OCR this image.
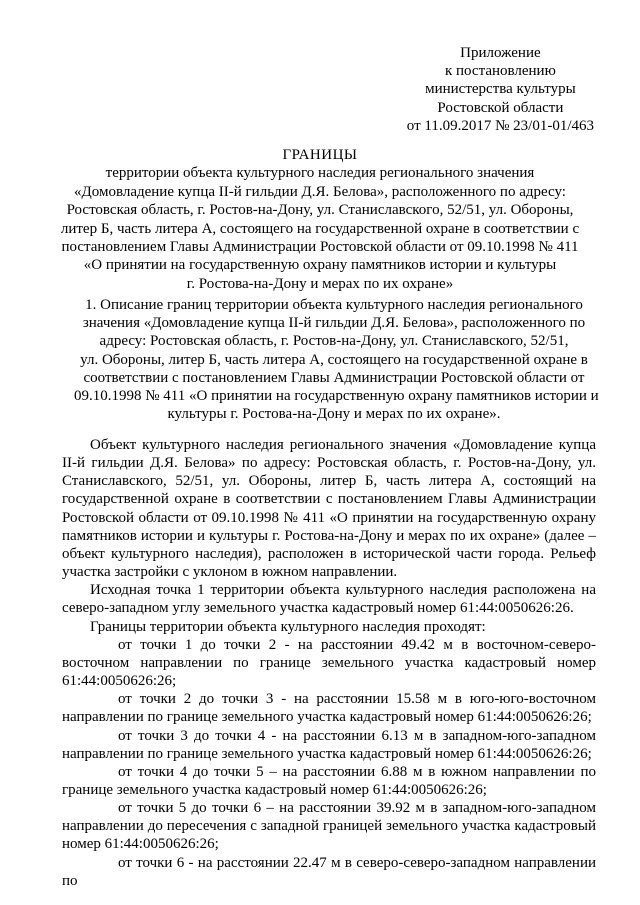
Приложение
к постановлению
министерства культуры
Ростовской области
от 11.09.2017 № 23/01-01/463
ГРАНИЦЫ
территории объекта культурного наследия регионального значения
«Домовладение купца II-й гильдии Д.Я. Белова», расположенного по адресу:
Ростовская область, г. Ростов-на-Дону, ул. Станиславского, 52/51, ул. Обороны,
литер Б, часть литера А, состоящего на государственной охране в соответствии с
постановлением Главы Администрации Ростовской области от 09.10.1998 № 411
«О принятии на государственную охрану памятников истории и культуры
г. Ростова-на-Дону и мерах по их охране»
1. Описание границ территории объекта культурного наследия регионального
значения «Домовладение купца II-й гильдии Д.Я. Белова», расположенного по
адресу: Ростовская область, г. Ростов-на-Дону, ул. Станиславского, 52/51,
ул. Обороны, литер Б, часть литера А, состоящего на государственной охране в
соответствии с постановлением Главы Администрации Ростовской области от
09.10.1998 № 411 «О принятии на государственную охрану памятников истории и
культуры г. Ростова-на-Дону и мерах по их охране».

Объект культурного наследия регионального значения «Домовладение купца II-й гильдии Д.Я. Белова» по адресу: Ростовская область, г. Ростов-на-Дону, ул. Станиславского, 52/51, ул. Обороны, литер Б, часть литера А, состоящий на государственной охране в соответствии с постановлением Главы Администрации Ростовской области от 09.10.1998 № 411 «О принятии на государственную охрану памятников истории и культуры г. Ростова-на-Дону и мерах по их охране» (далее – объект культурного наследия), расположен в исторической части города. Рельеф участка застройки с уклоном в южном направлении.

Исходная точка 1 территории объекта культурного наследия расположена на северо-западном углу земельного участка кадастровый номер 61:44:0050626:26.

Границы территории объекта культурного наследия проходят:

от точки 1 до точки 2 - на расстоянии 49.42 м в восточном-северо-восточном направлении по границе земельного участка кадастровый номер 61:44:0050626:26;

от точки 2 до точки 3 - на расстоянии 15.58 м в юго-юго-восточном направлении по границе земельного участка кадастровый номер 61:44:0050626:26;

от точки 3 до точки 4 - на расстоянии 6.13 м в западном-юго-западном направлении по границе земельного участка кадастровый номер 61:44:0050626:26;

от точки 4 до точки 5 – на расстоянии 6.88 м в южном направлении по границе земельного участка кадастровый номер 61:44:0050626:26;

от точки 5 до точки 6 – на расстоянии 39.92 м в западном-юго-западном направлении до пересечения с западной границей земельного участка кадастровый номер 61:44:0050626:26;

от точки 6 - на расстоянии 22.47 м в северо-северо-западном направлении по
